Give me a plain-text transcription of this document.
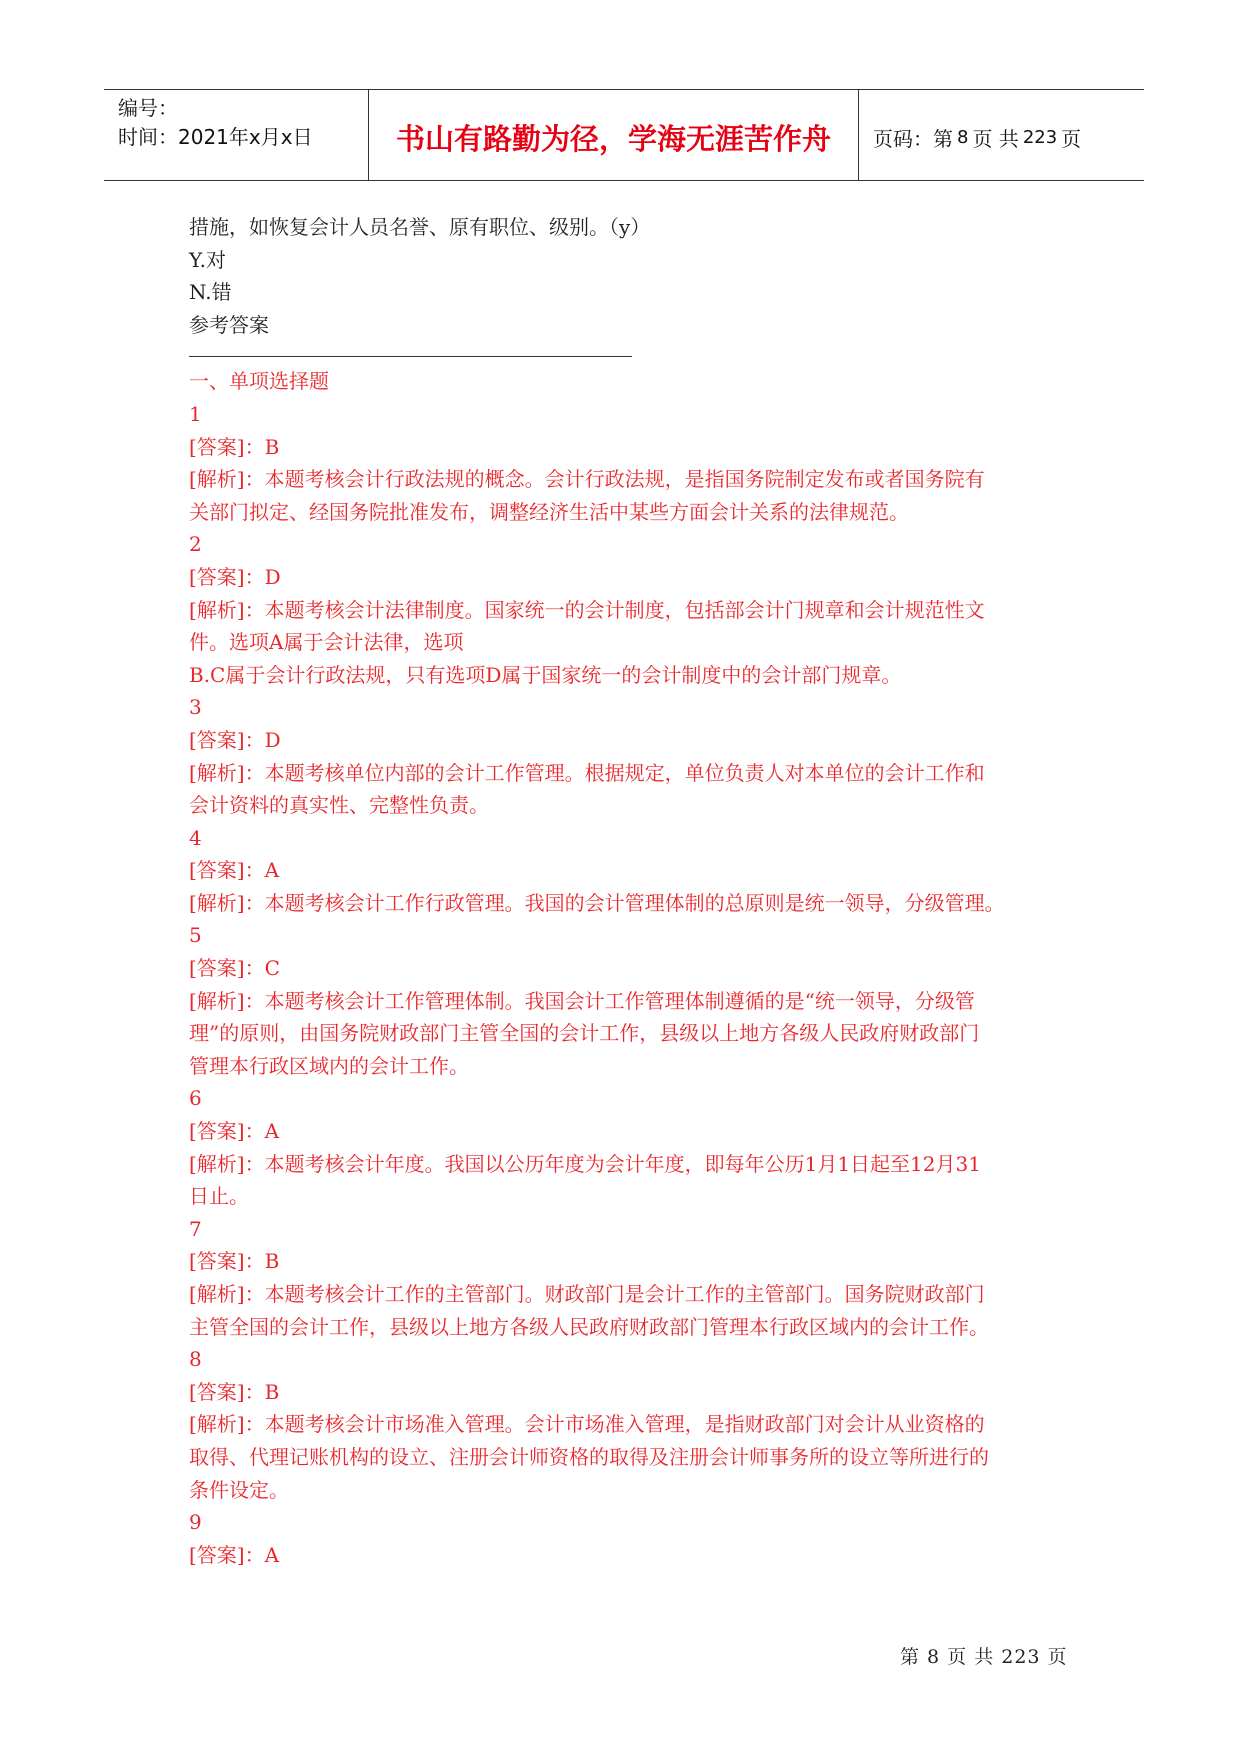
编号：
时间：2021年x月x日	书山有路勤为径，学海无涯苦作舟	页码：第 8 页 共 223 页

措施，如恢复会计人员名誉、原有职位、级别。（y）

Y.对

N.错

参考答案

一、单项选择题

1

[答案]：B

[解析]：本题考核会计行政法规的概念。会计行政法规，是指国务院制定发布或者国务院有

关部门拟定、经国务院批准发布，调整经济生活中某些方面会计关系的法律规范。

2

[答案]：D

[解析]：本题考核会计法律制度。国家统一的会计制度，包括部会计门规章和会计规范性文

件。选项A属于会计法律，选项

B.C属于会计行政法规，只有选项D属于国家统一的会计制度中的会计部门规章。

3

[答案]：D

[解析]：本题考核单位内部的会计工作管理。根据规定，单位负责人对本单位的会计工作和

会计资料的真实性、完整性负责。

4

[答案]：A

[解析]：本题考核会计工作行政管理。我国的会计管理体制的总原则是统一领导，分级管理。

5

[答案]：C

[解析]：本题考核会计工作管理体制。我国会计工作管理体制遵循的是“统一领导，分级管

理”的原则，由国务院财政部门主管全国的会计工作，县级以上地方各级人民政府财政部门

管理本行政区域内的会计工作。

6

[答案]：A

[解析]：本题考核会计年度。我国以公历年度为会计年度，即每年公历1月1日起至12月31

日止。

7

[答案]：B

[解析]：本题考核会计工作的主管部门。财政部门是会计工作的主管部门。国务院财政部门

主管全国的会计工作，县级以上地方各级人民政府财政部门管理本行政区域内的会计工作。

8

[答案]：B

[解析]：本题考核会计市场准入管理。会计市场准入管理，是指财政部门对会计从业资格的

取得、代理记账机构的设立、注册会计师资格的取得及注册会计师事务所的设立等所进行的

条件设定。

9

[答案]：A

第 8 页 共 223 页
